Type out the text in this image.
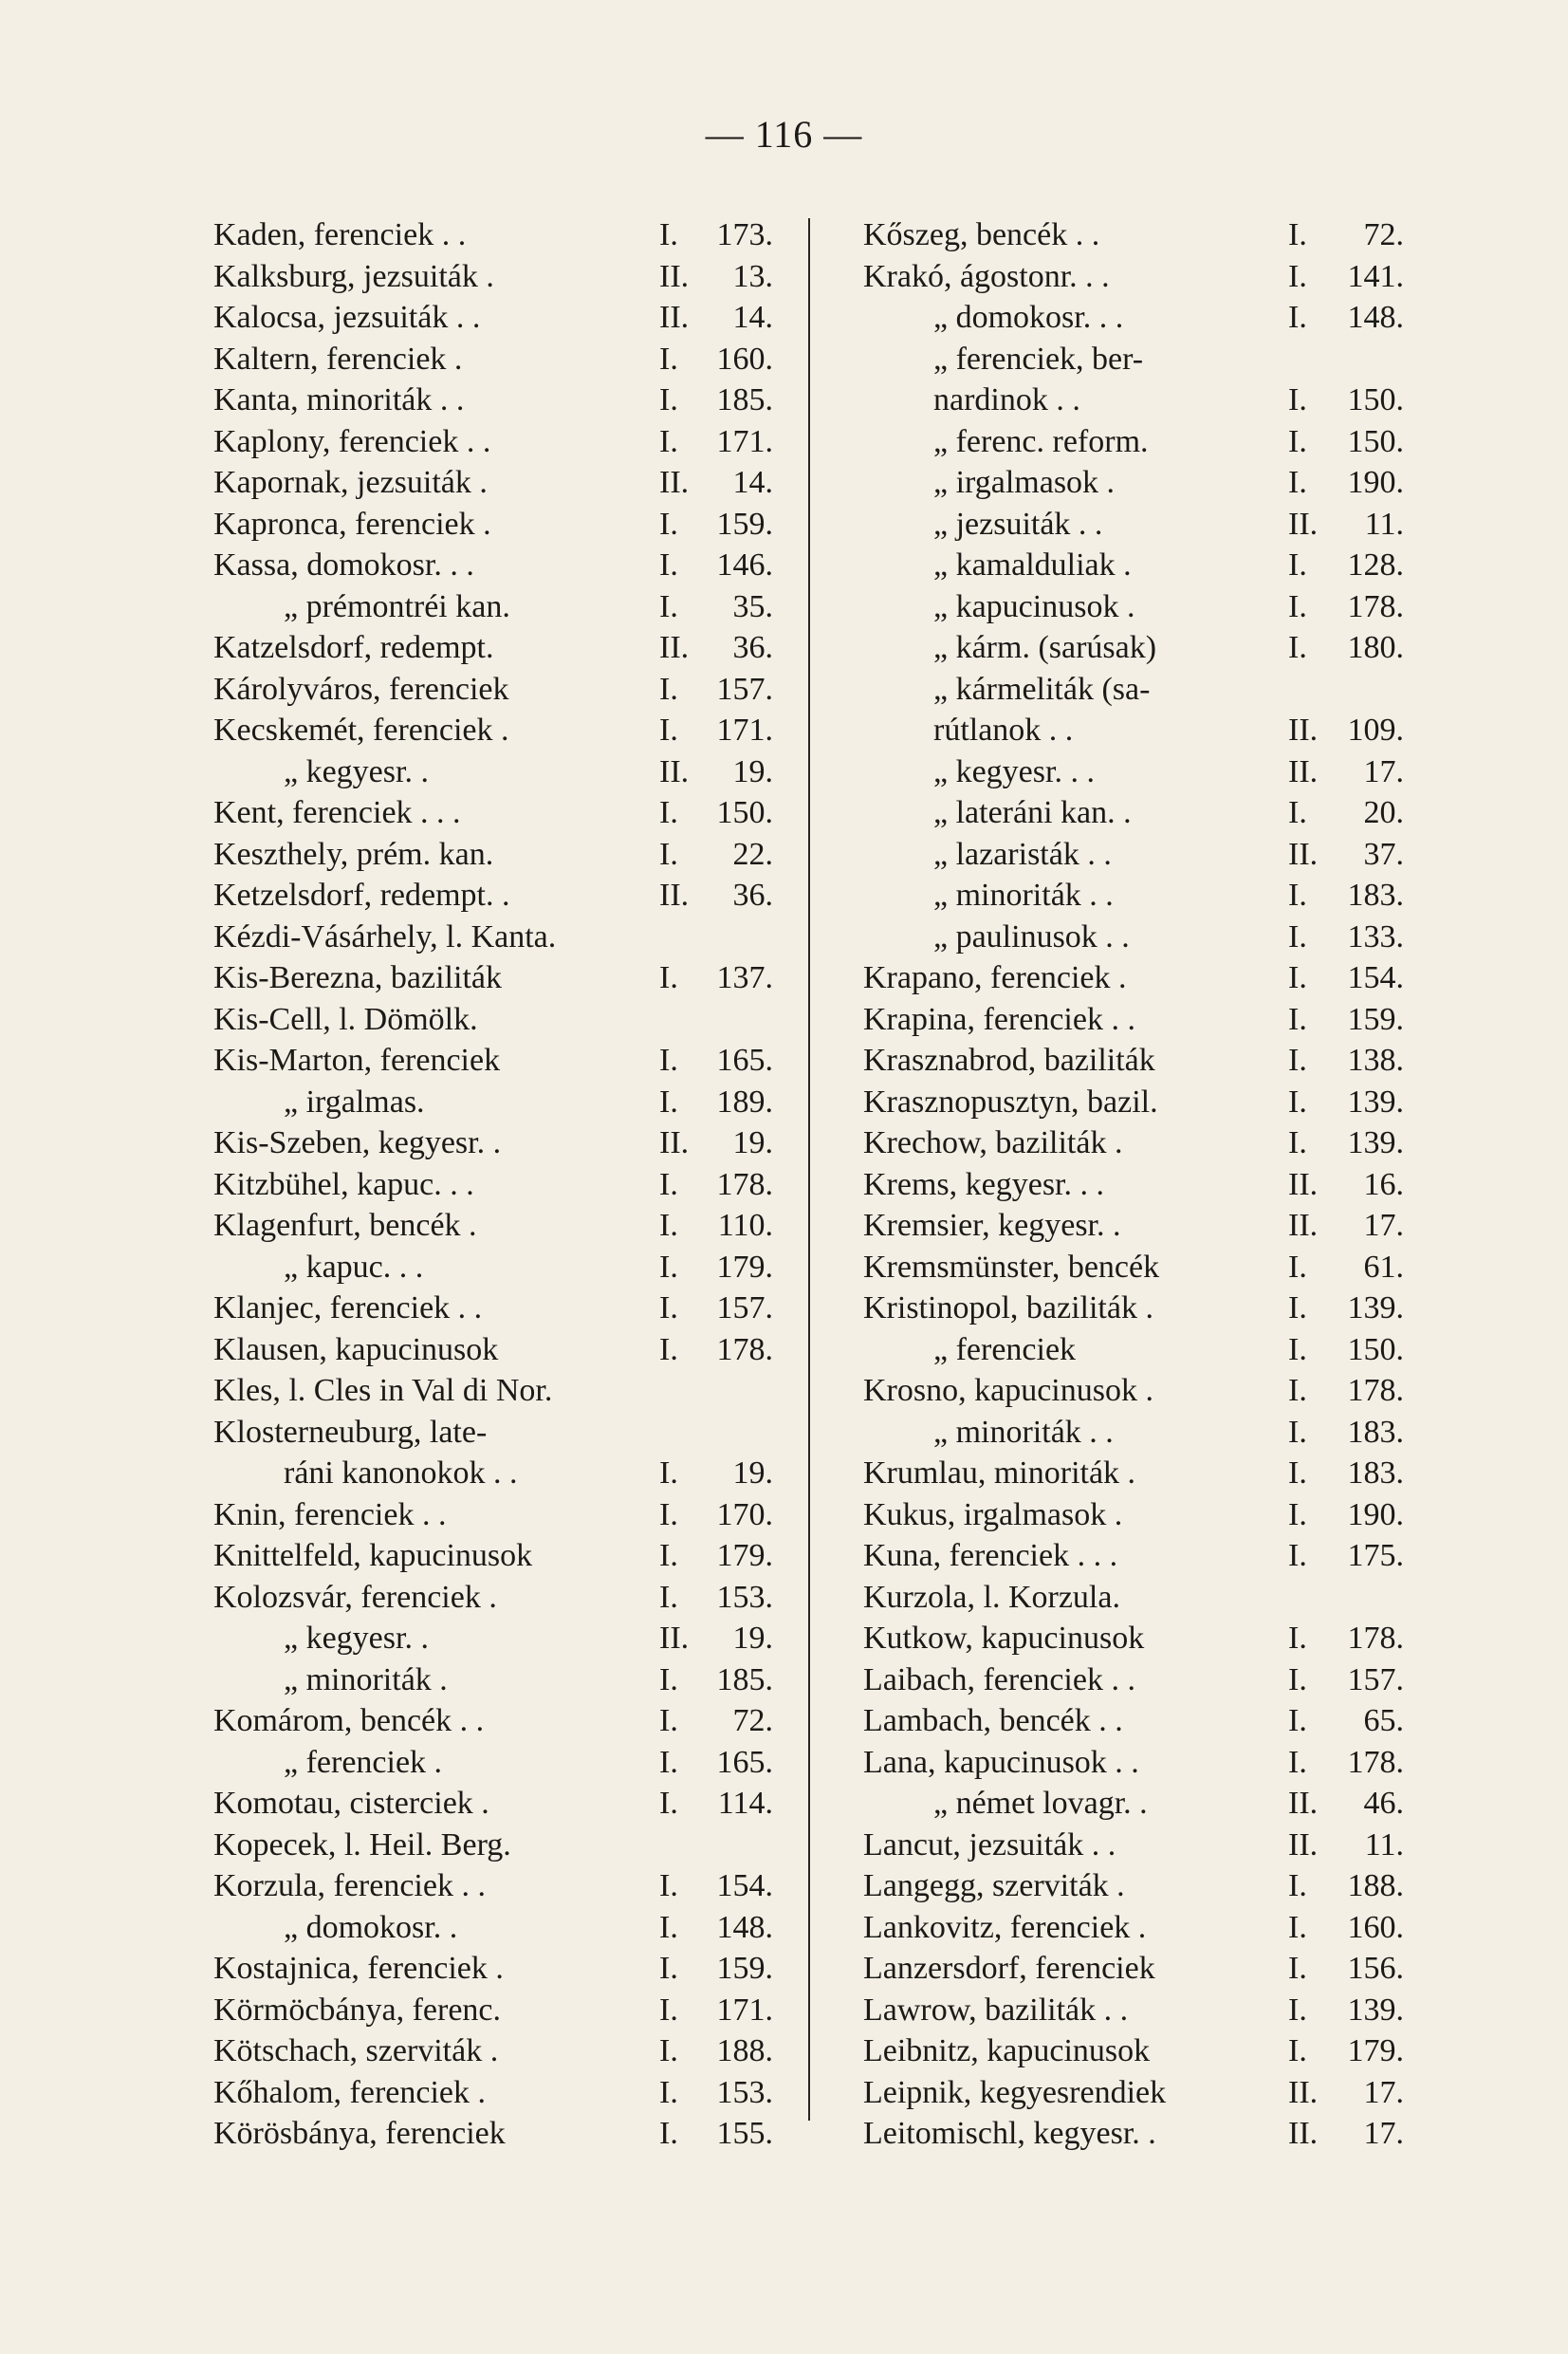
— 116 —
Kaden, ferenciek . .	I.	173.
Kalksburg, jezsuiták .	II.	13.
Kalocsa, jezsuiták . .	II.	14.
Kaltern, ferenciek .	I.	160.
Kanta, minoriták . .	I.	185.
Kaplony, ferenciek . .	I.	171.
Kapornak, jezsuiták .	II.	14.
Kapronca, ferenciek .	I.	159.
Kassa, domokosr. . .	I.	146.
„ prémontréi kan.	I.	35.
Katzelsdorf, redempt.	II.	36.
Károlyváros, ferenciek	I.	157.
Kecskemét, ferenciek .	I.	171.
„ kegyesr. .	II.	19.
Kent, ferenciek . . .	I.	150.
Keszthely, prém. kan.	I.	22.
Ketzelsdorf, redempt. .	II.	36.
Kézdi-Vásárhely, l. Kanta.
Kis-Berezna, baziliták	I.	137.
Kis-Cell, l. Dömölk.
Kis-Marton, ferenciek	I.	165.
„ irgalmas.	I.	189.
Kis-Szeben, kegyesr. .	II.	19.
Kitzbühel, kapuc. . .	I.	178.
Klagenfurt, bencék .	I.	110.
„ kapuc. . .	I.	179.
Klanjec, ferenciek . .	I.	157.
Klausen, kapucinusok	I.	178.
Kles, l. Cles in Val di Nor.
Klosterneuburg, late-
ráni kanonokok . .	I.	19.
Knin, ferenciek . .	I.	170.
Knittelfeld, kapucinusok	I.	179.
Kolozsvár, ferenciek .	I.	153.
„ kegyesr. .	II.	19.
„ minoriták .	I.	185.
Komárom, bencék . .	I.	72.
„ ferenciek .	I.	165.
Komotau, cisterciek .	I.	114.
Kopecek, l. Heil. Berg.
Korzula, ferenciek . .	I.	154.
„ domokosr. .	I.	148.
Kostajnica, ferenciek .	I.	159.
Körmöcbánya, ferenc.	I.	171.
Kötschach, szerviták .	I.	188.
Kőhalom, ferenciek .	I.	153.
Körösbánya, ferenciek	I.	155.
Kőszeg, bencék . .	I.	72.
Krakó, ágostonr. . .	I.	141.
„ domokosr. . .	I.	148.
„ ferenciek, ber-
nardinok . .	I.	150.
„ ferenc. reform.	I.	150.
„ irgalmasok .	I.	190.
„ jezsuiták . .	II.	11.
„ kamalduliak .	I.	128.
„ kapucinusok .	I.	178.
„ kárm. (sarúsak)	I.	180.
„ kármeliták (sa-
rútlanok . .	II. 109.
„ kegyesr. . .	II.	17.
„ lateráni kan. .	I.	20.
„ lazaristák . .	II.	37.
„ minoriták . .	I.	183.
„ paulinusok . .	I.	133.
Krapano, ferenciek .	I.	154.
Krapina, ferenciek . .	I.	159.
Krasznabrod, baziliták	I.	138.
Krasznopusztyn, bazil.	I.	139.
Krechow, baziliták .	I.	139.
Krems, kegyesr. . .	II.	16.
Kremsier, kegyesr. .	II.	17.
Kremsmünster, bencék	I.	61.
Kristinopol, baziliták .	I.	139.
„ ferenciek	I.	150.
Krosno, kapucinusok .	I.	178.
„ minoriták . .	I.	183.
Krumlau, minoriták .	I.	183.
Kukus, irgalmasok .	I.	190.
Kuna, ferenciek . . .	I.	175.
Kurzola, l. Korzula.
Kutkow, kapucinusok	I.	178.
Laibach, ferenciek . .	I.	157.
Lambach, bencék . .	I.	65.
Lana, kapucinusok . .	I.	178.
„ német lovagr. .	II.	46.
Lancut, jezsuiták . .	II.	11.
Langegg, szerviták .	I.	188.
Lankovitz, ferenciek .	I.	160.
Lanzersdorf, ferenciek	I.	156.
Lawrow, baziliták . .	I.	139.
Leibnitz, kapucinusok	I.	179.
Leipnik, kegyesrendiek	II.	17.
Leitomischl, kegyesr. .	II.	17.
